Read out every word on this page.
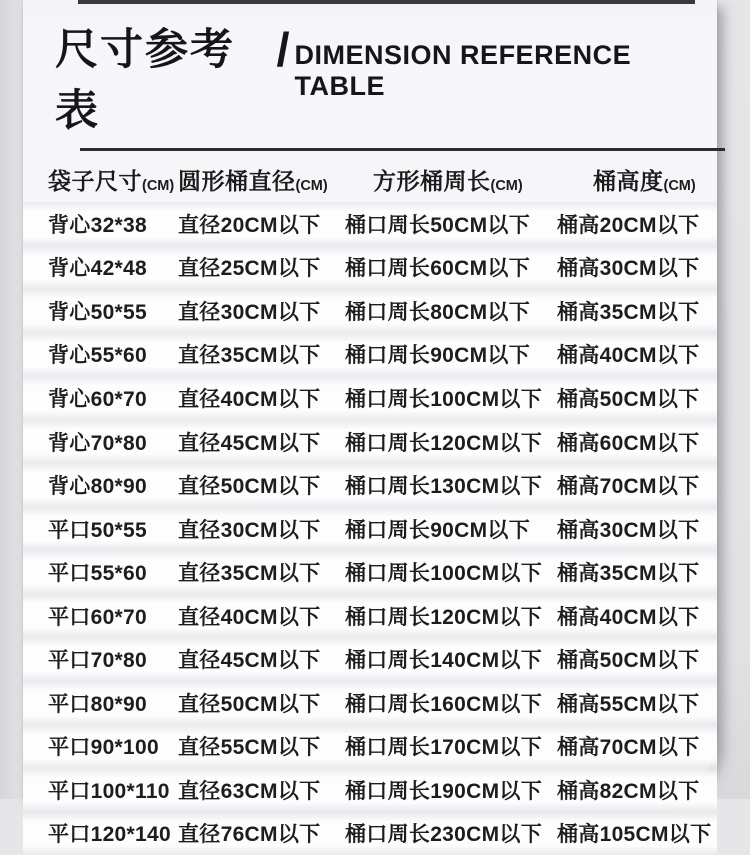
尺寸参考表
/ DIMENSION REFERENCE TABLE
袋子尺寸 (CM) 圆形桶直径 (CM) 方形桶周长 (CM)	桶高度 (CM)
背心32*38	直径20CM以下	桶口周长50CM以下	桶高20CM以下
背心42*48	直径25CM以下	桶口周长60CM以下	桶高30CM以下
背心50*55	直径30CM以下	桶口周长80CM以下	桶高35CM以下
背心55*60	直径35CM以下	桶口周长90CM以下	桶高40CM以下
背心60*70	直径40CM以下	桶口周长100CM以下 桶高50CM以下
背心70*80	直径45CM以下	桶口周长120CM以下 桶高60CM以下
背心80*90	直径50CM以下	桶口周长130CM以下 桶高70CM以下
平口50*55	直径30CM以下	桶口周长90CM以下	桶高30CM以下
平口55*60	直径35CM以下	桶口周长100CM以下 桶高35CM以下
平口60*70	直径40CM以下	桶口周长120CM以下 桶高40CM以下
平口70*80	直径45CM以下	桶口周长140CM以下 桶高50CM以下
平口80*90	直径50CM以下	桶口周长160CM以下 桶高55CM以下
平口90*100 直径55CM以下	桶口周长170CM以下 桶高70CM以下
平口100*110 直径63CM以下	桶口周长190CM以下 桶高82CM以下
平口120*140 直径76CM以下	桶口周长230CM以下 桶高105CM以下
